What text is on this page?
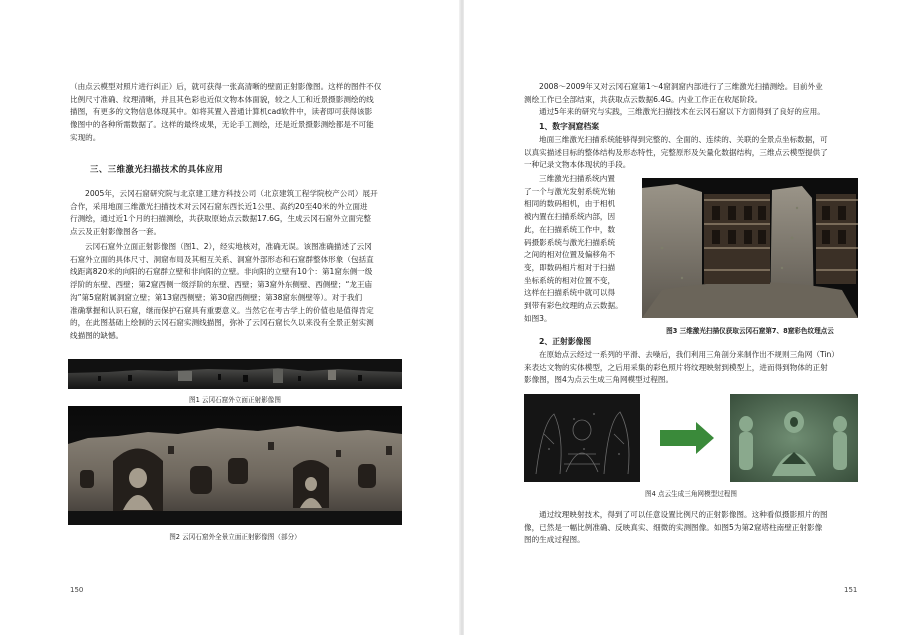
（由点云模型对照片进行纠正）后，就可获得一张高清晰的壁面正射影像图。这样的图件不仅

比例尺寸准确、纹理清晰，并且其色彩也近似文物本体面貌，较之人工和近景摄影测绘的线

描图，有更多的文物信息体现其中。如将其置入普通计算机cad软件中，读者即可获得该影

像图中的各种所需数据了。这样的最终成果，无论手工测绘，还是近景摄影测绘都是不可能

实现的。

三、三维激光扫描技术的具体应用

2005年，云冈石窟研究院与北京建工建方科技公司（北京建筑工程学院校产公司）展开

合作，采用地面三维激光扫描技术对云冈石窟东西长近1公里、高约20至40米的外立面进

行测绘，通过近1个月的扫描测绘，共获取原始点云数据17.6G，生成云冈石窟外立面完整

点云及正射影像图各一套。

云冈石窟外立面正射影像图（图1、2），经实地核对，准确无误。该图准确描述了云冈

石窟外立面的具体尺寸、洞窟布局及其相互关系、洞窟外部形态和石窟群整体形象（包括直

线距离820米的向阳的石窟群立壁和非向阳的立壁。非向阳的立壁有10个：第1窟东侧一级

浮阶的东壁、西壁；第2窟西侧一级浮阶的东壁、西壁；第3窟外东侧壁、西侧壁；“龙王庙

沟”第5窟附属洞窟立壁；第13窟西侧壁；第30窟西侧壁；第38窟东侧壁等）。对于我们

准确掌握和认识石窟，继而保护石窟具有重要意义。当然它在考古学上的价值也是值得肯定

的，在此图基础上绘制的云冈石窟实测线描图，弥补了云冈石窟长久以来没有全景正射实测

线描图的缺憾。

图1 云冈石窟外立面正射影像图
图2 云冈石窟外全景立面正射影像图（部分）
150

2008～2009年又对云冈石窟第1～4窟洞窟内部进行了三维激光扫描测绘。目前外业

测绘工作已全部结束，共获取点云数据6.4G。内业工作正在收尾阶段。

通过5年来的研究与实践，三维激光扫描技术在云冈石窟以下方面得到了良好的应用。

1、数字洞窟档案

地面三维激光扫描系统能够得到完整的、全面的、连续的、关联的全景点坐标数据，可

以真实描述目标的整体结构及形态特性，完整原形及矢量化数据结构，三维点云模型提供了

一种记录文物本体现状的手段。

三维激光扫描系统内置

了一个与激光发射系统光轴

相同的数码相机，由于相机

被内置在扫描系统内部，因

此，在扫描系统工作中，数

码摄影系统与激光扫描系统

之间的相对位置及偏移角不

变，即数码相片相对于扫描

坐标系统的相对位置不变，

这样在扫描系统中就可以得

到带有彩色纹理的点云数据。

如图3。

图3 三维激光扫描仪获取云冈石窟第7、8窟彩色纹理点云
2、正射影像图

在原始点云经过一系列的平滑、去噪后，我们利用三角剖分来制作出不规则三角网（Tin）

来表达文物的实体模型，之后用采集的彩色照片将纹理映射到模型上，进而得到物体的正射

影像图，图4为点云生成三角网模型过程图。

图4 点云生成三角网模型过程图

通过纹理映射技术，得到了可以任意设置比例尺的正射影像图。这种看似摄影照片的图

像，已然是一幅比例准确、反映真实、细微的实测图像。如图5为第2窟塔柱南壁正射影像

图的生成过程图。

151
